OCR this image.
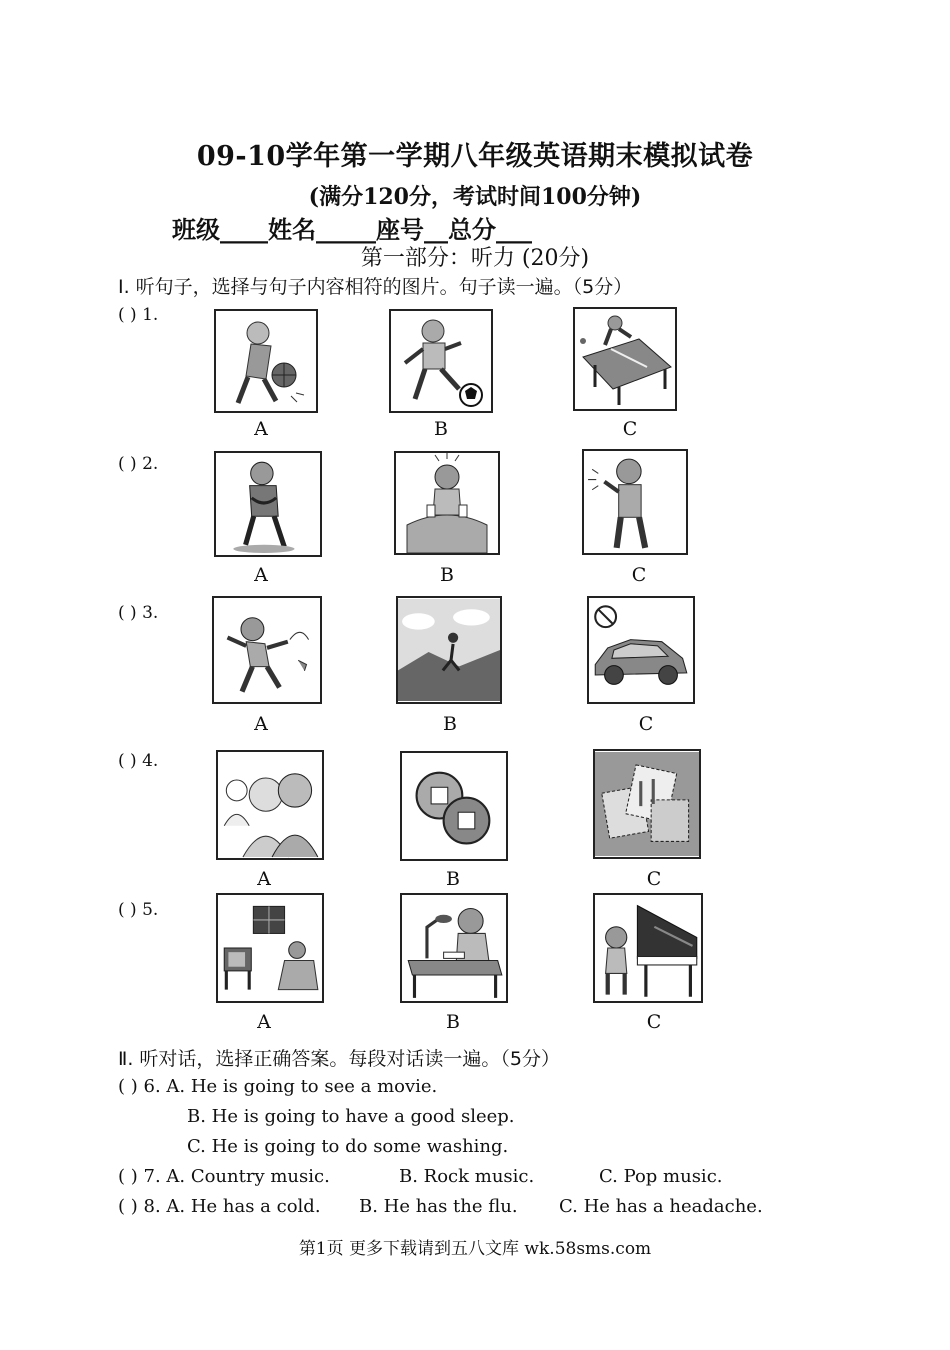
09-10学年第一学期八年级英语期末模拟试卷
(满分120分，考试时间100分钟)
班级____姓名_____座号__总分___
第一部分：听力 (20分)
Ⅰ. 听句子，选择与句子内容相符的图片。句子读一遍。（5分）
( ) 1.
A	B	C
( ) 2.
A	B	C
( ) 3.
A	B	C
( ) 4.
A	B	C
( ) 5.
A	B	C
Ⅱ. 听对话，选择正确答案。每段对话读一遍。（5分）
( ) 6. A. He is going to see a movie.
B. He is going to have a good sleep.
C. He is going to do some washing.
( ) 7. A. Country music.	B. Rock music.	C. Pop music.
( ) 8. A. He has a cold. B. He has the flu. C. He has a headache.
第1页 更多下载请到五八文库 wk.58sms.com
